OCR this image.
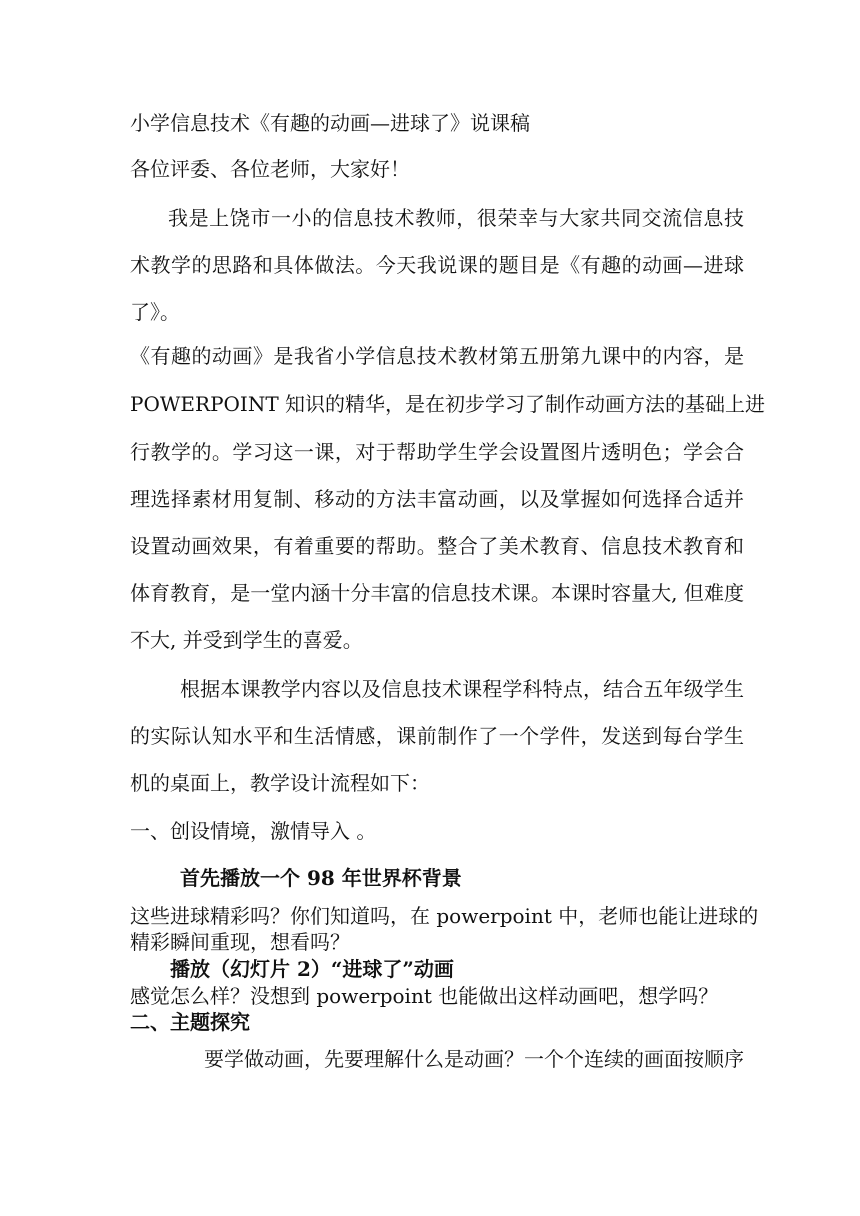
小学信息技术《有趣的动画—进球了》说课稿

各位评委、各位老师，大家好！

我是上饶市一小的信息技术教师，很荣幸与大家共同交流信息技

术教学的思路和具体做法。今天我说课的题目是《有趣的动画—进球

了》。

《有趣的动画》是我省小学信息技术教材第五册第九课中的内容，是

POWERPOINT 知识的精华，是在初步学习了制作动画方法的基础上进

行教学的。学习这一课，对于帮助学生学会设置图片透明色；学会合

理选择素材用复制、移动的方法丰富动画，以及掌握如何选择合适并

设置动画效果，有着重要的帮助。整合了美术教育、信息技术教育和

体育教育，是一堂内涵十分丰富的信息技术课。本课时容量大, 但难度

不大, 并受到学生的喜爱。

根据本课教学内容以及信息技术课程学科特点，结合五年级学生

的实际认知水平和生活情感，课前制作了一个学件，发送到每台学生

机的桌面上，教学设计流程如下：

一、创设情境，激情导入 。

首先播放一个 98 年世界杯背景

这些进球精彩吗？你们知道吗，在 powerpoint 中，老师也能让进球的

精彩瞬间重现，想看吗？

播放（幻灯片 2）“进球了”动画

感觉怎么样？没想到 powerpoint 也能做出这样动画吧，想学吗？

二、主题探究

要学做动画，先要理解什么是动画？一个个连续的画面按顺序
